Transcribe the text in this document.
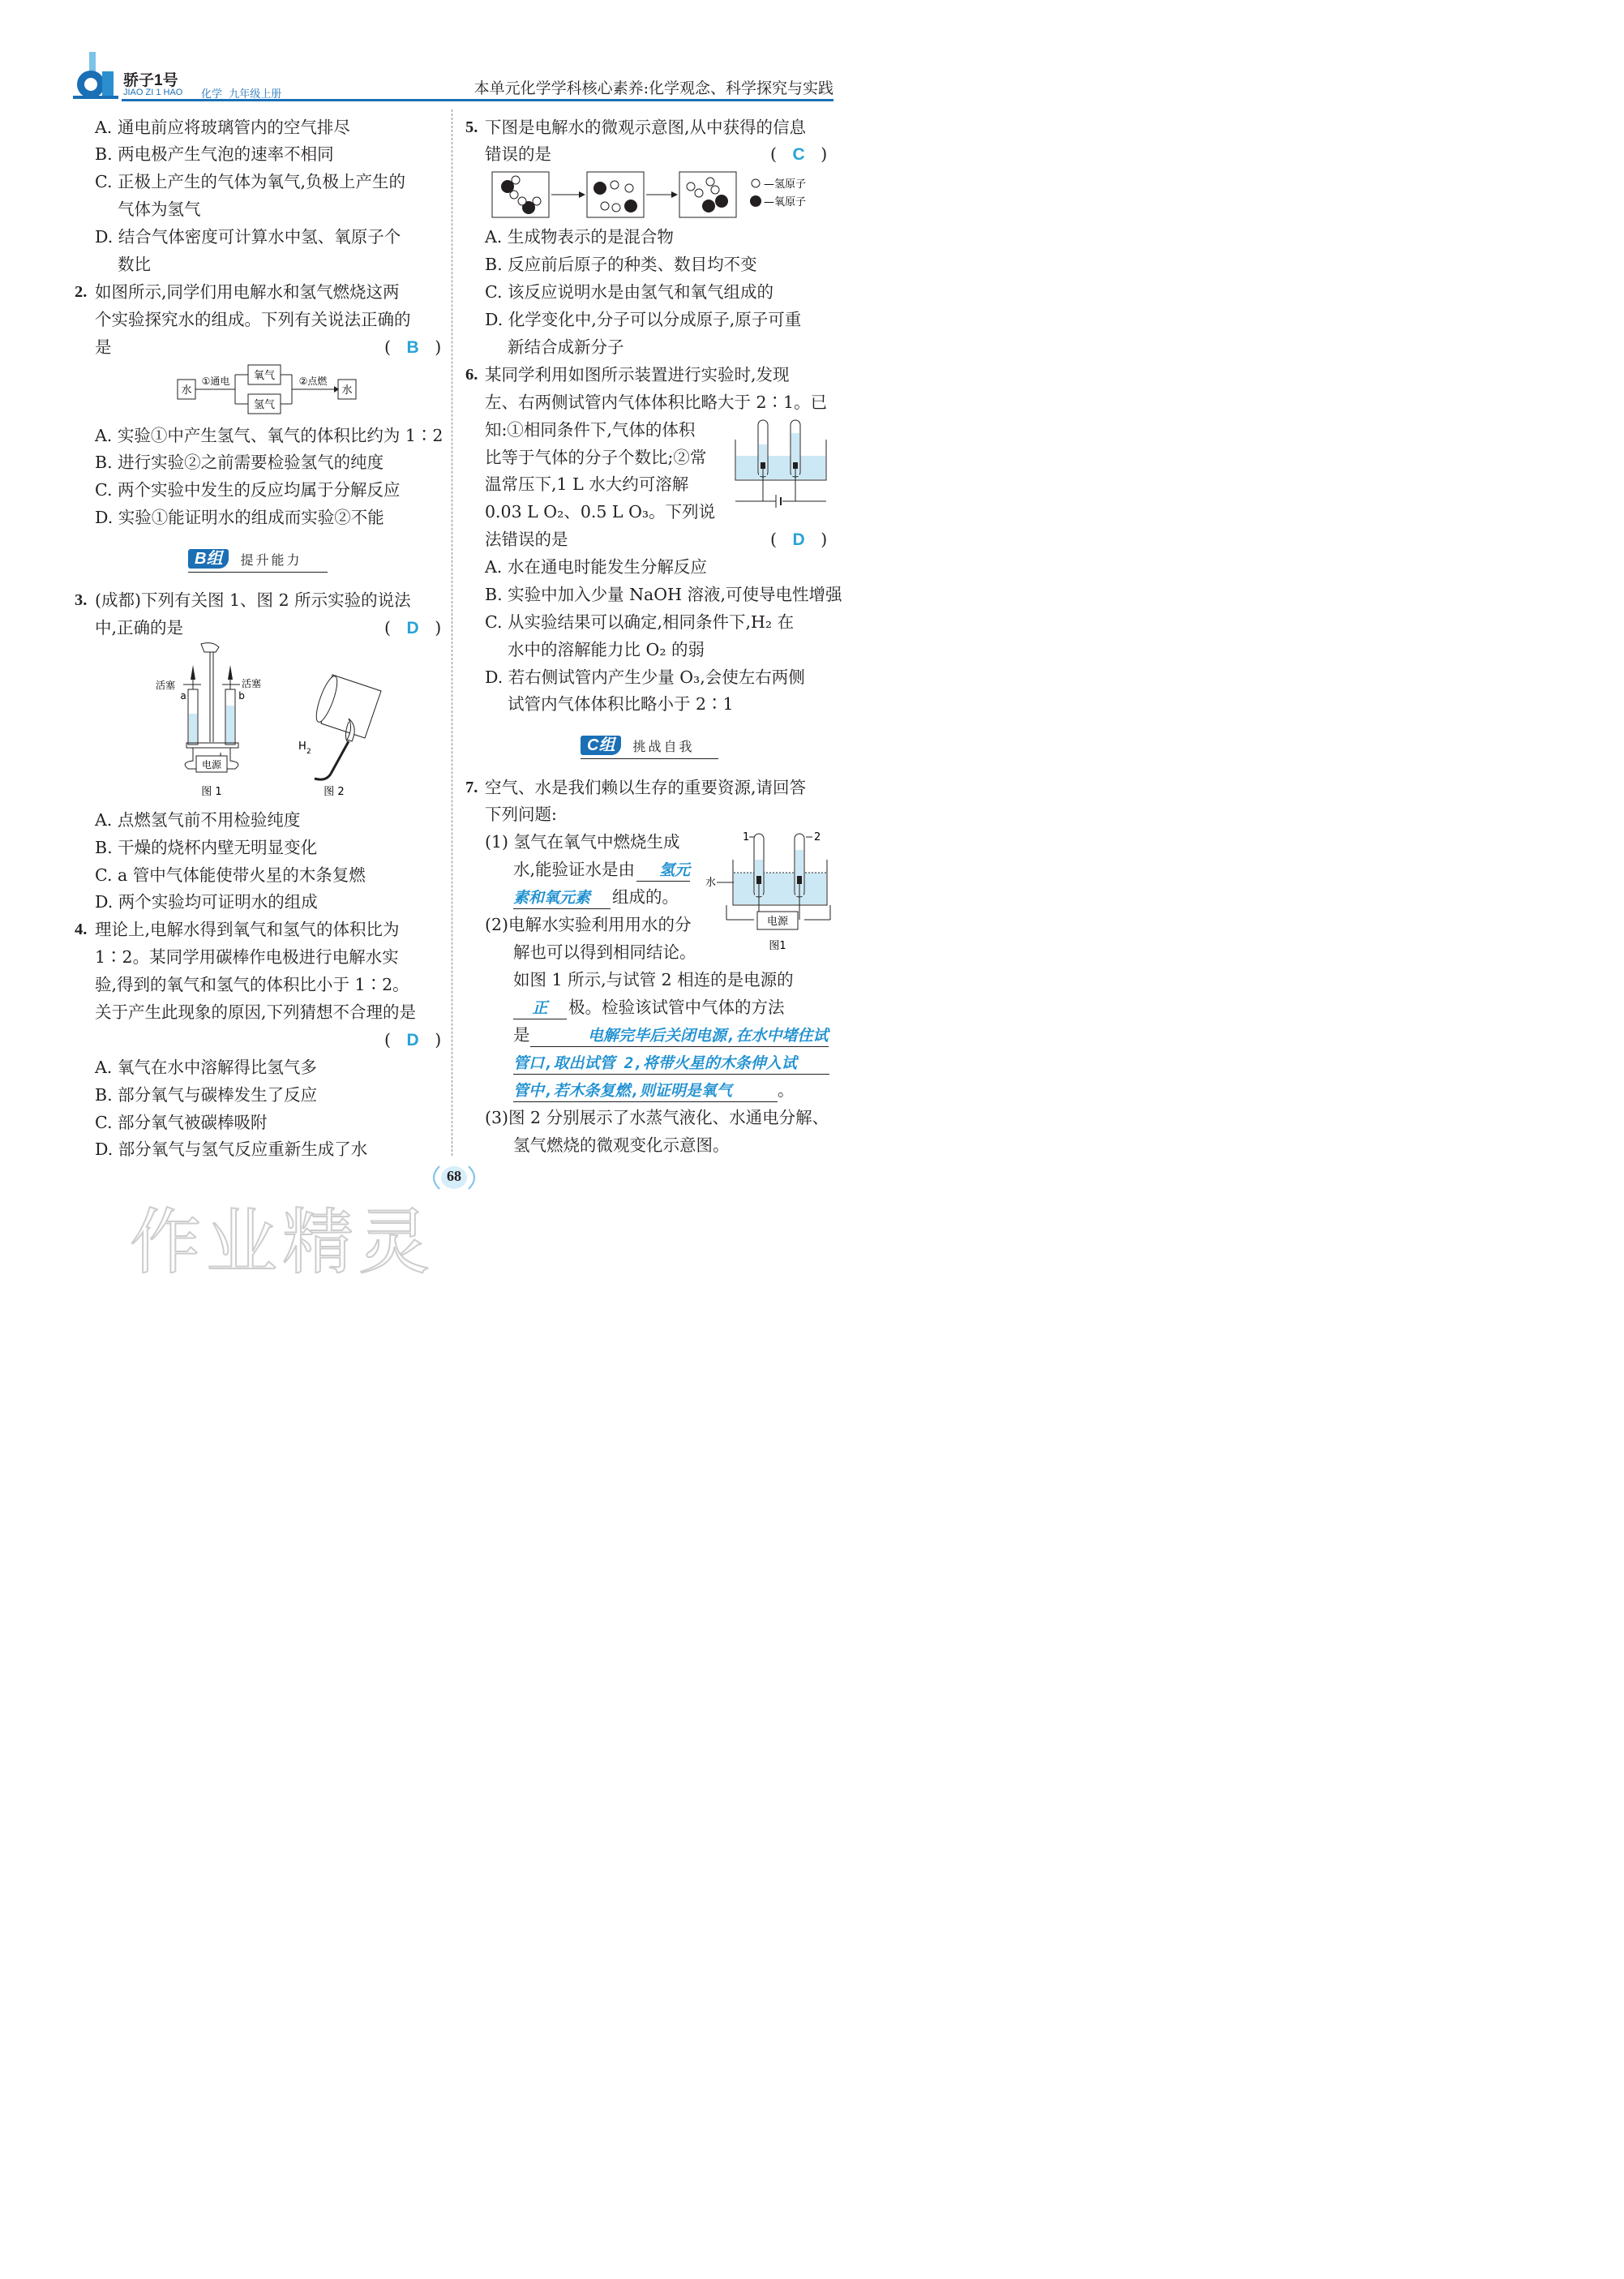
骄子1号
JIAO ZI 1 HAO 化学  九年级上册	本单元化学学科核心素养:化学观念、科学探究与实践
A. 通电前应将玻璃管内的空气排尽
B. 两电极产生气泡的速率不相同
C. 正极上产生的气体为氧气,负极上产生的
气体为氢气
D. 结合气体密度可计算水中氢、氧原子个
数比
2. 如图所示,同学们用电解水和氢气燃烧这两
个实验探究水的组成。下列有关说法正确的
是	(   B   )
水
①通电 氧气
氢气
②点燃
水
A. 实验①中产生氢气、氧气的体积比约为 1∶2
B. 进行实验②之前需要检验氢气的纯度
C. 两个实验中发生的反应均属于分解反应
D. 实验①能证明水的组成而实验②不能
B组	提升能力
3. (成都)下列有关图 1、图 2 所示实验的说法
中,正确的是	(   D   )
活塞	活塞
a	b
电源
图 1
H 2
图 2
A. 点燃氢气前不用检验纯度
B. 干燥的烧杯内壁无明显变化
C. a 管中气体能使带火星的木条复燃
D. 两个实验均可证明水的组成
4. 理论上,电解水得到氧气和氢气的体积比为
1∶2。某同学用碳棒作电极进行电解水实
验,得到的氧气和氢气的体积比小于 1∶2。
关于产生此现象的原因,下列猜想不合理的是
(   D   )
A. 氧气在水中溶解得比氢气多
B. 部分氧气与碳棒发生了反应
C. 部分氧气被碳棒吸附
D. 部分氧气与氢气反应重新生成了水
5. 下图是电解水的微观示意图,从中获得的信息
错误的是	(   C   )
—氢原子
—氧原子
A. 生成物表示的是混合物
B. 反应前后原子的种类、数目均不变
C. 该反应说明水是由氢气和氧气组成的
D. 化学变化中,分子可以分成原子,原子可重
新结合成新分子
6. 某同学利用如图所示装置进行实验时,发现
左、右两侧试管内气体体积比略大于 2∶1。已
知:①相同条件下,气体的体积
比等于气体的分子个数比;②常
温常压下,1 L 水大约可溶解
0.03 L O₂、0.5 L O₃。下列说
法错误的是	(   D   )
A. 水在通电时能发生分解反应
B. 实验中加入少量 NaOH 溶液,可使导电性增强
C. 从实验结果可以确定,相同条件下,H₂ 在
水中的溶解能力比 O₂ 的弱
D. 若右侧试管内产生少量 O₃,会使左右两侧
试管内气体体积比略小于 2∶1
C组	挑战自我
7. 空气、水是我们赖以生存的重要资源,请回答
下列问题:
(1) 氢气在氧气中燃烧生成
水,能验证水是由 氢元
素和氧元素 组成的。
1	2
水
电源
图1
(2)电解水实验利用用水的分
解也可以得到相同结论。
如图 1 所示,与试管 2 相连的是电源的
正 极。检验该试管中气体的方法
是	电解完毕后关闭电源,在水中堵住试
管口,取出试管 2,将带火星的木条伸入试
管中,若木条复燃,则证明是氧气	。
(3)图 2 分别展示了水蒸气液化、水通电分解、
氢气燃烧的微观变化示意图。
68
作业精灵
